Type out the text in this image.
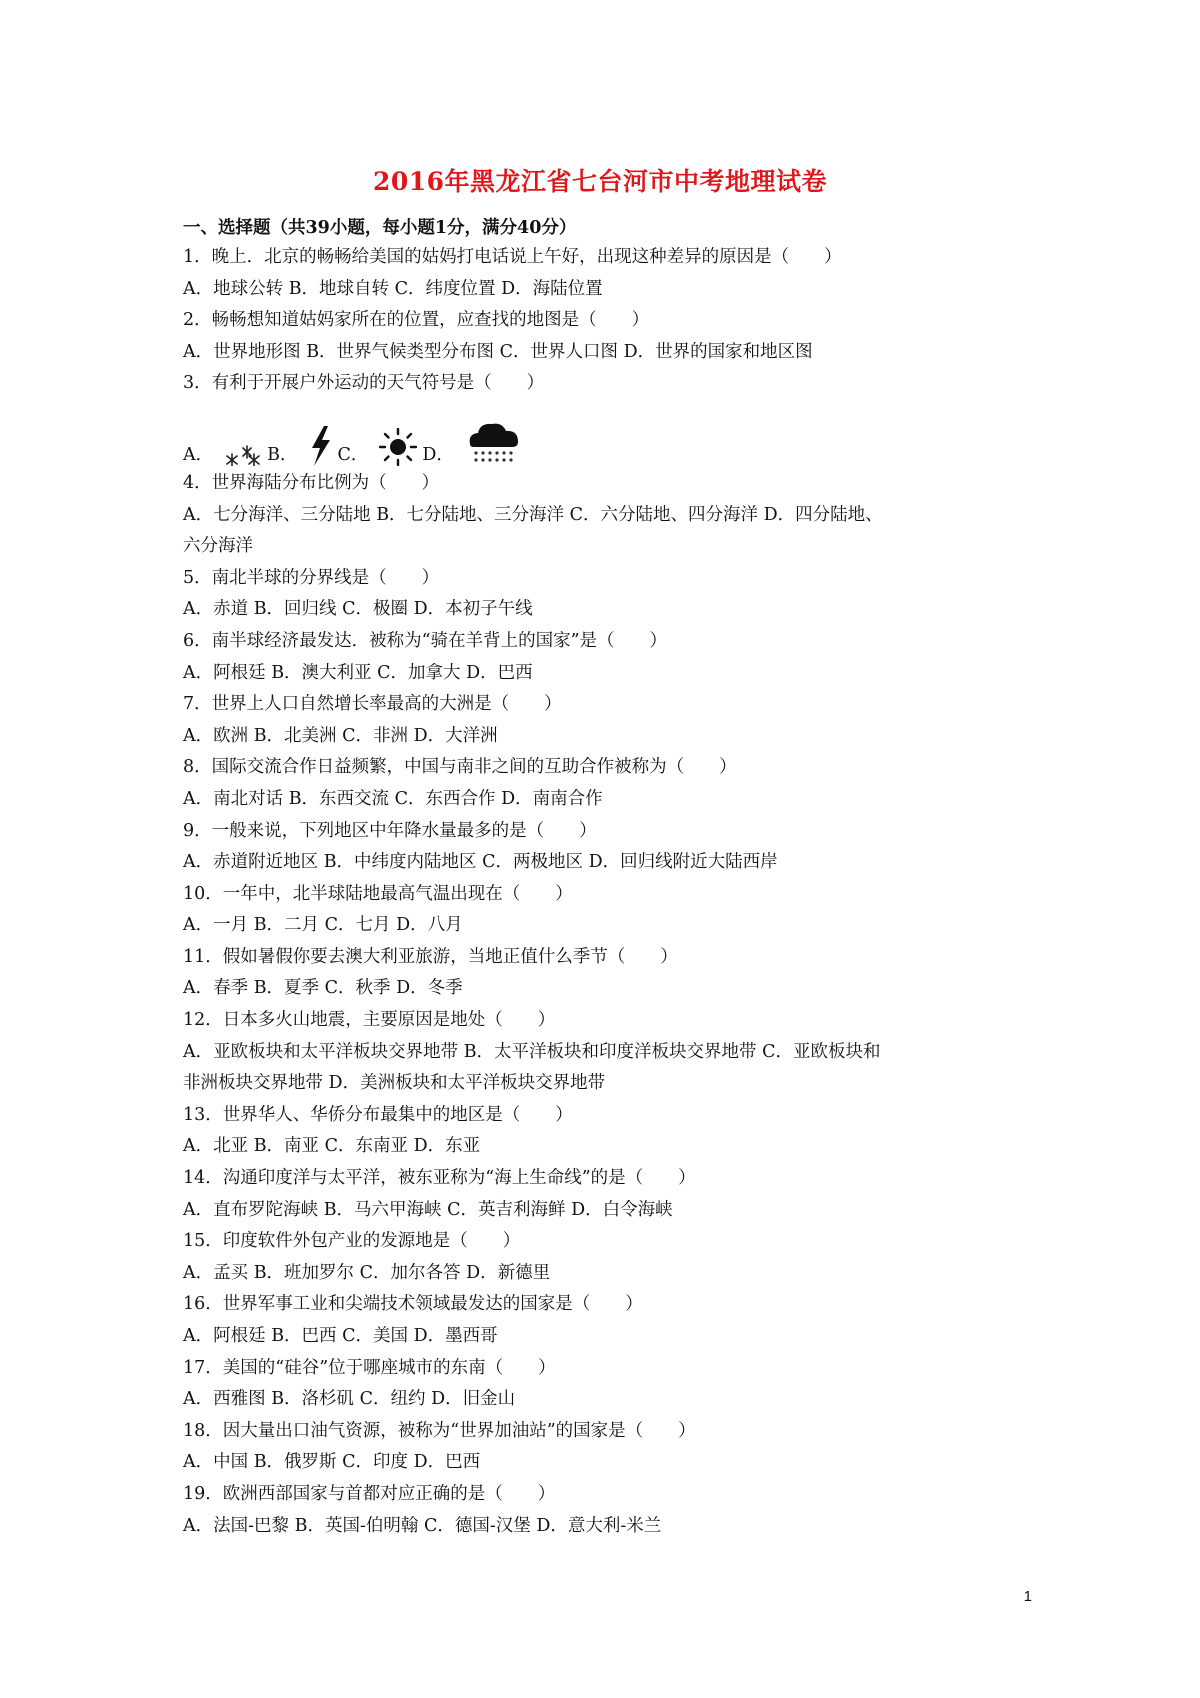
2016年黑龙江省七台河市中考地理试卷
一、选择题（共39小题，每小题1分，满分40分）
1．晚上．北京的畅畅给美国的姑妈打电话说上午好，出现这种差异的原因是（　　）
A．地球公转 B．地球自转 C．纬度位置 D．海陆位置
2．畅畅想知道姑妈家所在的位置，应查找的地图是（　　）
A．世界地形图 B．世界气候类型分布图 C．世界人口图 D．世界的国家和地区图
3．有利于开展户外运动的天气符号是（　　）
A．	B． C．	D．
4．世界海陆分布比例为（　　）
A．七分海洋、三分陆地 B．七分陆地、三分海洋 C．六分陆地、四分海洋 D．四分陆地、
六分海洋
5．南北半球的分界线是（　　）
A．赤道 B．回归线 C．极圈 D．本初子午线
6．南半球经济最发达．被称为“骑在羊背上的国家”是（　　）
A．阿根廷 B．澳大利亚 C．加拿大 D．巴西
7．世界上人口自然增长率最高的大洲是（　　）
A．欧洲 B．北美洲 C．非洲 D．大洋洲
8．国际交流合作日益频繁，中国与南非之间的互助合作被称为（　　）
A．南北对话 B．东西交流 C．东西合作 D．南南合作
9．一般来说，下列地区中年降水量最多的是（　　）
A．赤道附近地区 B．中纬度内陆地区 C．两极地区 D．回归线附近大陆西岸
10．一年中，北半球陆地最高气温出现在（　　）
A．一月 B．二月 C．七月 D．八月
11．假如暑假你要去澳大利亚旅游，当地正值什么季节（　　）
A．春季 B．夏季 C．秋季 D．冬季
12．日本多火山地震，主要原因是地处（　　）
A．亚欧板块和太平洋板块交界地带 B．太平洋板块和印度洋板块交界地带 C．亚欧板块和
非洲板块交界地带 D．美洲板块和太平洋板块交界地带
13．世界华人、华侨分布最集中的地区是（　　）
A．北亚 B．南亚 C．东南亚 D．东亚
14．沟通印度洋与太平洋，被东亚称为“海上生命线”的是（　　）
A．直布罗陀海峡 B．马六甲海峡 C．英吉利海鲜 D．白令海峡
15．印度软件外包产业的发源地是（　　）
A．孟买 B．班加罗尔 C．加尔各答 D．新德里
16．世界军事工业和尖端技术领域最发达的国家是（　　）
A．阿根廷 B．巴西 C．美国 D．墨西哥
17．美国的“硅谷”位于哪座城市的东南（　　）
A．西雅图 B．洛杉矶 C．纽约 D．旧金山
18．因大量出口油气资源，被称为“世界加油站”的国家是（　　）
A．中国 B．俄罗斯 C．印度 D．巴西
19．欧洲西部国家与首都对应正确的是（　　）
A．法国-巴黎 B．英国-伯明翰 C．德国-汉堡 D．意大利-米兰
1
